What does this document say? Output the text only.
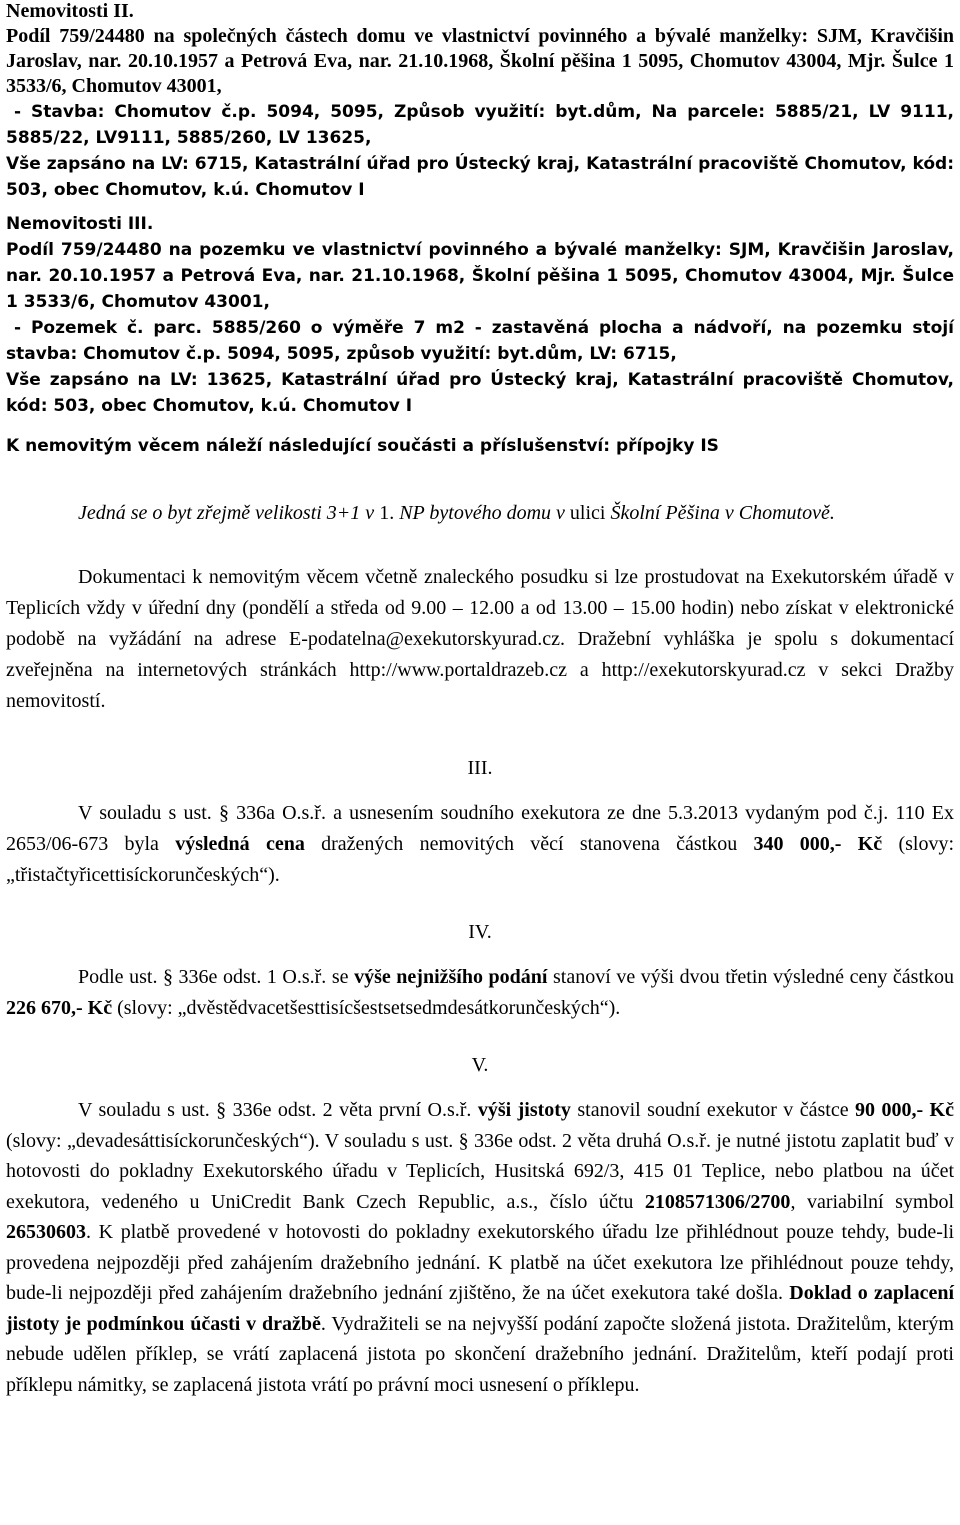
Nemovitosti II.

Podíl 759/24480 na společných částech domu ve vlastnictví povinného a bývalé manželky: SJM, Kravčišin Jaroslav, nar. 20.10.1957 a Petrová Eva, nar. 21.10.1968, Školní pěšina 1 5095, Chomutov 43004, Mjr. Šulce 1 3533/6, Chomutov 43001,

- Stavba: Chomutov č.p. 5094, 5095, Způsob využití: byt.dům, Na parcele: 5885/21, LV 9111, 5885/22, LV9111, 5885/260, LV 13625,

Vše zapsáno na LV: 6715, Katastrální úřad pro Ústecký kraj, Katastrální pracoviště Chomutov, kód: 503, obec Chomutov, k.ú. Chomutov I

Nemovitosti III.

Podíl 759/24480 na pozemku ve vlastnictví povinného a bývalé manželky: SJM, Kravčišin Jaroslav, nar. 20.10.1957 a Petrová Eva, nar. 21.10.1968, Školní pěšina 1 5095, Chomutov 43004, Mjr. Šulce 1 3533/6, Chomutov 43001,

- Pozemek č. parc. 5885/260 o výměře 7 m2 - zastavěná plocha a nádvoří, na pozemku stojí stavba: Chomutov č.p. 5094, 5095, způsob využití: byt.dům, LV: 6715,

Vše zapsáno na LV: 13625, Katastrální úřad pro Ústecký kraj, Katastrální pracoviště Chomutov, kód: 503, obec Chomutov, k.ú. Chomutov I

K nemovitým věcem náleží následující součásti a příslušenství: přípojky IS

Jedná se o byt zřejmě velikosti 3+1 v 1. NP bytového domu v ulici Školní Pěšina v Chomutově.

Dokumentaci k nemovitým věcem včetně znaleckého posudku si lze prostudovat na Exekutorském úřadě v Teplicích vždy v úřední dny (pondělí a středa od 9.00 – 12.00 a od 13.00 – 15.00 hodin) nebo získat v elektronické podobě na vyžádání na adrese E-podatelna@exekutorskyurad.cz. Dražební vyhláška je spolu s dokumentací zveřejněna na internetových stránkách http://www.portaldrazeb.cz a http://exekutorskyurad.cz v sekci Dražby nemovitostí.

III.

V souladu s ust. § 336a O.s.ř. a usnesením soudního exekutora ze dne 5.3.2013 vydaným pod č.j. 110 Ex 2653/06-673 byla výsledná cena dražených nemovitých věcí stanovena částkou 340 000,- Kč (slovy: „třistačtyřicettisíckorunčeských“).

IV.

Podle ust. § 336e odst. 1 O.s.ř. se výše nejnižšího podání stanoví ve výši dvou třetin výsledné ceny částkou 226 670,- Kč (slovy: „dvěstědvacetšesttisícšestsetsedmdesátkorunčeských“).

V.

V souladu s ust. § 336e odst. 2 věta první O.s.ř. výši jistoty stanovil soudní exekutor v částce 90 000,- Kč (slovy: „devadesáttisíckorunčeských“). V souladu s ust. § 336e odst. 2 věta druhá O.s.ř. je nutné jistotu zaplatit buď v hotovosti do pokladny Exekutorského úřadu v Teplicích, Husitská 692/3, 415 01 Teplice, nebo platbou na účet exekutora, vedeného u UniCredit Bank Czech Republic, a.s., číslo účtu 2108571306/2700, variabilní symbol 26530603. K platbě provedené v hotovosti do pokladny exekutorského úřadu lze přihlédnout pouze tehdy, bude-li provedena nejpozději před zahájením dražebního jednání. K platbě na účet exekutora lze přihlédnout pouze tehdy, bude-li nejpozději před zahájením dražebního jednání zjištěno, že na účet exekutora také došla. Doklad o zaplacení jistoty je podmínkou účasti v dražbě. Vydražiteli se na nejvyšší podání započte složená jistota. Dražitelům, kterým nebude udělen příklep, se vrátí zaplacená jistota po skončení dražebního jednání. Dražitelům, kteří podají proti příklepu námitky, se zaplacená jistota vrátí po právní moci usnesení o příklepu.
